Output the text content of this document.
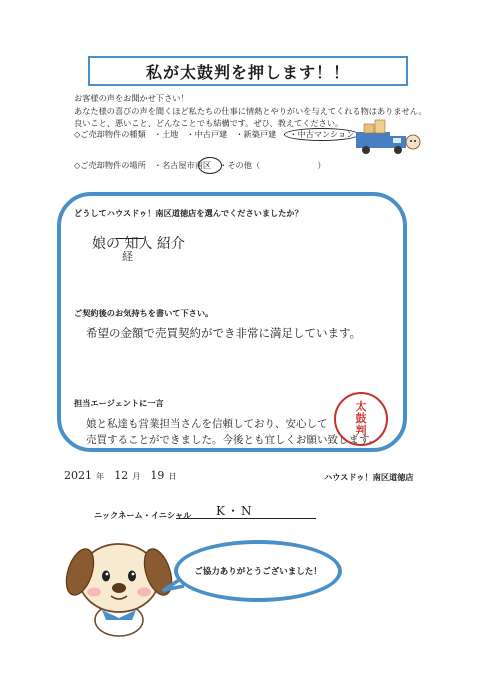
私が太鼓判を押します！！
お客様の声をお聞かせ下さい！
あなた様の喜びの声を聞くほど私たちの仕事に情熱とやりがいを与えてくれる物はありません。
良いこと、悪いこと、どんなことでも結構です。ぜひ、教えてください。
◇ご売却物件の種類 ・土地 ・中古戸建 ・新築戸建	・中古マンション
◇ご売却物件の場所 ・名古屋市南区 ・その他（　　　　　　　）
どうしてハウスドゥ！南区道徳店を選んでくださいましたか？
娘の 知人 紹介
経
ご契約後のお気持ちを書いて下さい。
希望の金額で売買契約ができ非常に満足しています。
担当エージェントに一言
娘と私達も営業担当さんを信頼しており、安心して
売買することができました。今後とも宜しくお願い致します。
太
鼓
判
2021 年 12 月 19 日	ハウスドゥ！南区道徳店
ニックネーム・イニシャル K・N
ご協力ありがとうございました！
